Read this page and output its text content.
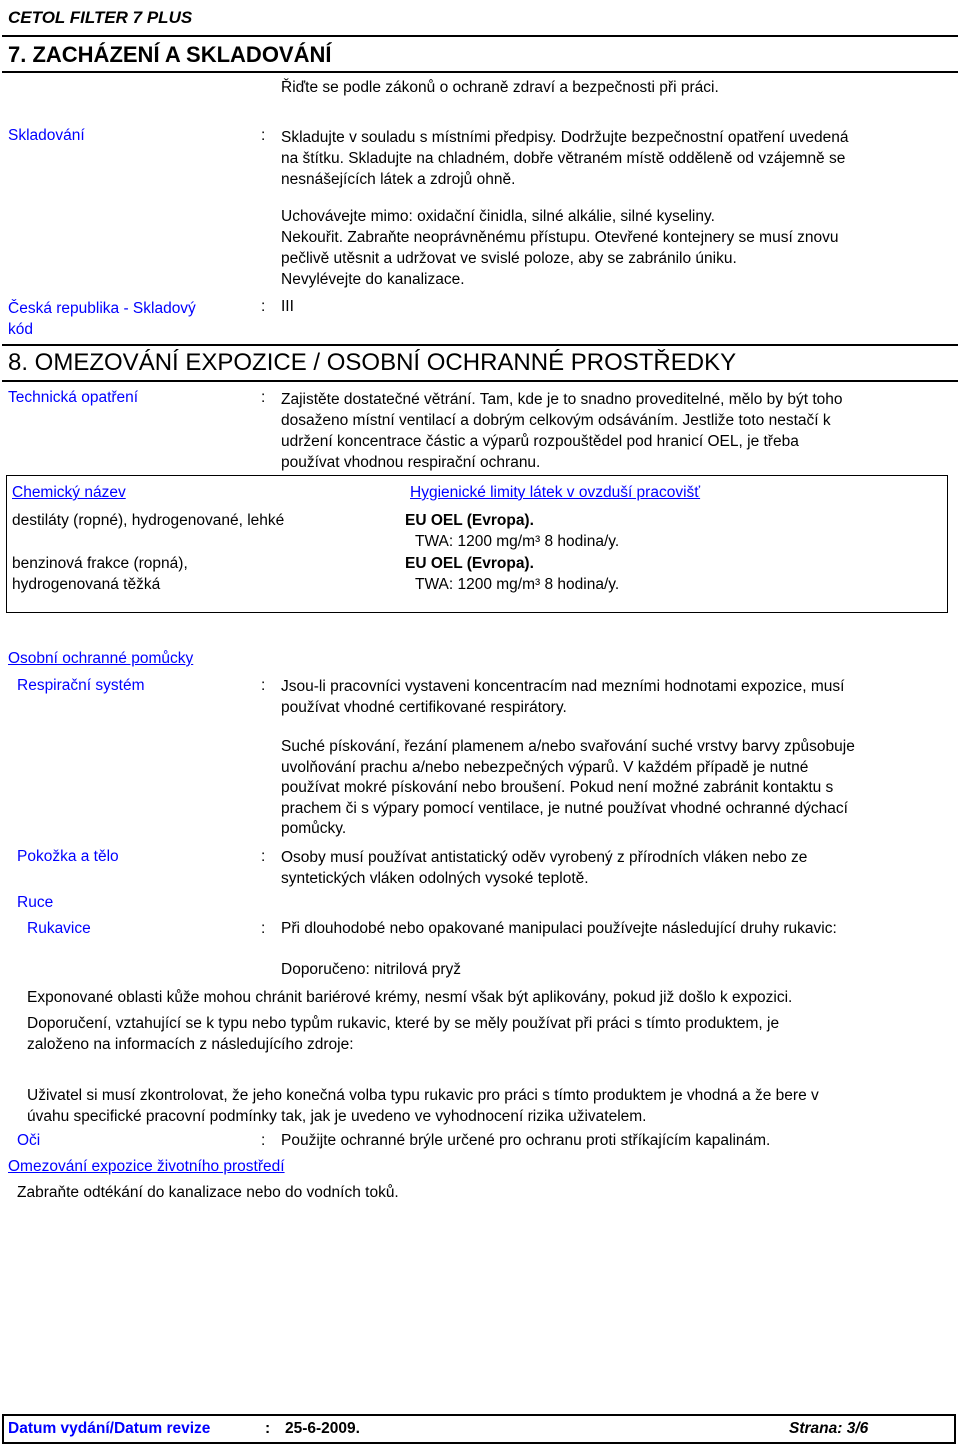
CETOL FILTER 7 PLUS
7. ZACHÁZENÍ A SKLADOVÁNÍ
Řiďte se podle zákonů o ochraně zdraví a bezpečnosti při práci.
Skladování	: Skladujte v souladu s místními předpisy. Dodržujte bezpečnostní opatření uvedená
na štítku. Skladujte na chladném, dobře větraném místě odděleně od vzájemně se
nesnášejících látek a zdrojů ohně.
Uchovávejte mimo: oxidační činidla, silné alkálie, silné kyseliny.
Nekouřit. Zabraňte neoprávněnému přístupu. Otevřené kontejnery se musí znovu
pečlivě utěsnit a udržovat ve svislé poloze, aby se zabránilo úniku.
Nevylévejte do kanalizace.
Česká republika - Skladový
kód
: III
8. OMEZOVÁNÍ EXPOZICE / OSOBNÍ OCHRANNÉ PROSTŘEDKY
Technická opatření	: Zajistěte dostatečné větrání. Tam, kde je to snadno proveditelné, mělo by být toho
dosaženo místní ventilací a dobrým celkovým odsáváním. Jestliže toto nestačí k
udržení koncentrace částic a výparů rozpouštědel pod hranicí OEL, je třeba
používat vhodnou respirační ochranu.
Chemický název	Hygienické limity látek v ovzduší pracovišť
destiláty (ropné), hydrogenované, lehké	EU OEL (Evropa).
TWA: 1200 mg/m³ 8 hodina/y.
benzinová frakce (ropná),
hydrogenovaná těžká
EU OEL (Evropa).
TWA: 1200 mg/m³ 8 hodina/y.
Osobní ochranné pomůcky
Respirační systém	: Jsou-li pracovníci vystaveni koncentracím nad mezními hodnotami expozice, musí
používat vhodné certifikované respirátory.
Suché pískování, řezání plamenem a/nebo svařování suché vrstvy barvy způsobuje
uvolňování prachu a/nebo nebezpečných výparů. V každém případě je nutné
používat mokré pískování nebo broušení. Pokud není možné zabránit kontaktu s
prachem či s výpary pomocí ventilace, je nutné používat vhodné ochranné dýchací
pomůcky.
Pokožka a tělo	: Osoby musí používat antistatický oděv vyrobený z přírodních vláken nebo ze
syntetických vláken odolných vysoké teplotě.
Ruce
Rukavice	: Při dlouhodobé nebo opakované manipulaci používejte následující druhy rukavic:
Doporučeno: nitrilová pryž
Exponované oblasti kůže mohou chránit bariérové krémy, nesmí však být aplikovány, pokud již došlo k expozici.
Doporučení, vztahující se k typu nebo typům rukavic, které by se měly používat při práci s tímto produktem, je
založeno na informacích z následujícího zdroje:
Uživatel si musí zkontrolovat, že jeho konečná volba typu rukavic pro práci s tímto produktem je vhodná a že bere v
úvahu specifické pracovní podmínky tak, jak je uvedeno ve vyhodnocení rizika uživatelem.
Oči	: Použijte ochranné brýle určené pro ochranu proti stříkajícím kapalinám.
Omezování expozice životního prostředí
Zabraňte odtékání do kanalizace nebo do vodních toků.
Datum vydání/Datum revize	: 25-6-2009.	Strana: 3/6
